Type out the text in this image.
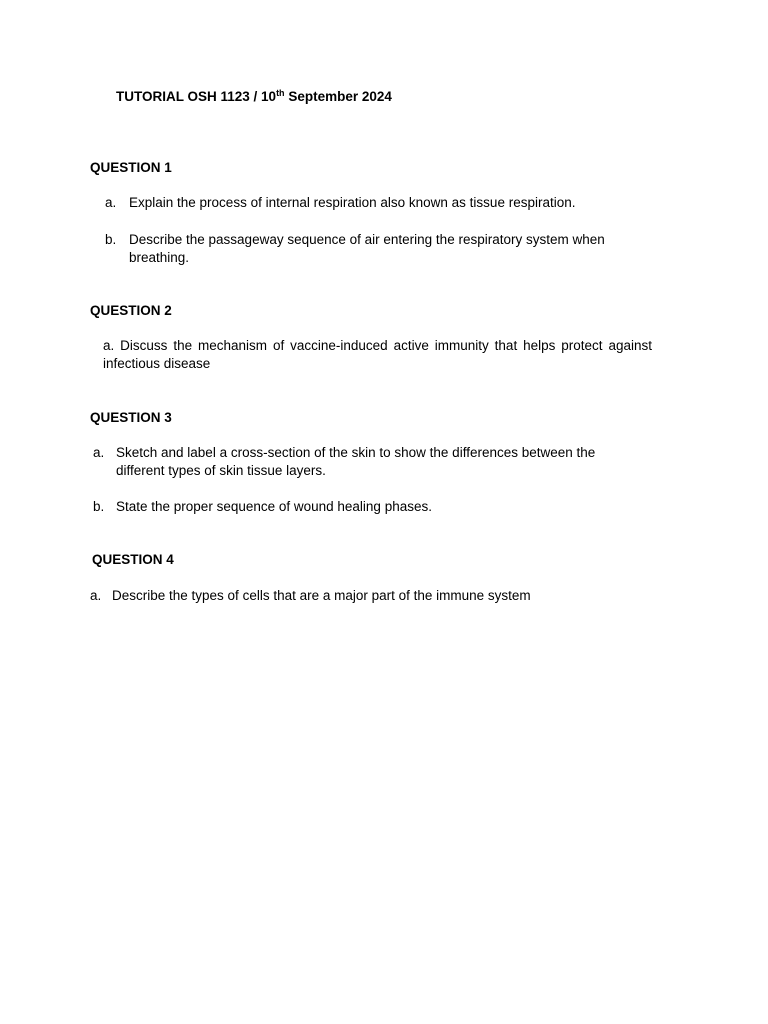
TUTORIAL OSH 1123 / 10th September 2024
QUESTION 1
a. Explain the process of internal respiration also known as tissue respiration.
b. Describe the passageway sequence of air entering the respiratory system when breathing.
QUESTION 2
a. Discuss the mechanism of vaccine-induced active immunity that helps protect against infectious disease
QUESTION 3
a. Sketch and label a cross-section of the skin to show the differences between the different types of skin tissue layers.
b. State the proper sequence of wound healing phases.
QUESTION 4
a. Describe the types of cells that are a major part of the immune system
